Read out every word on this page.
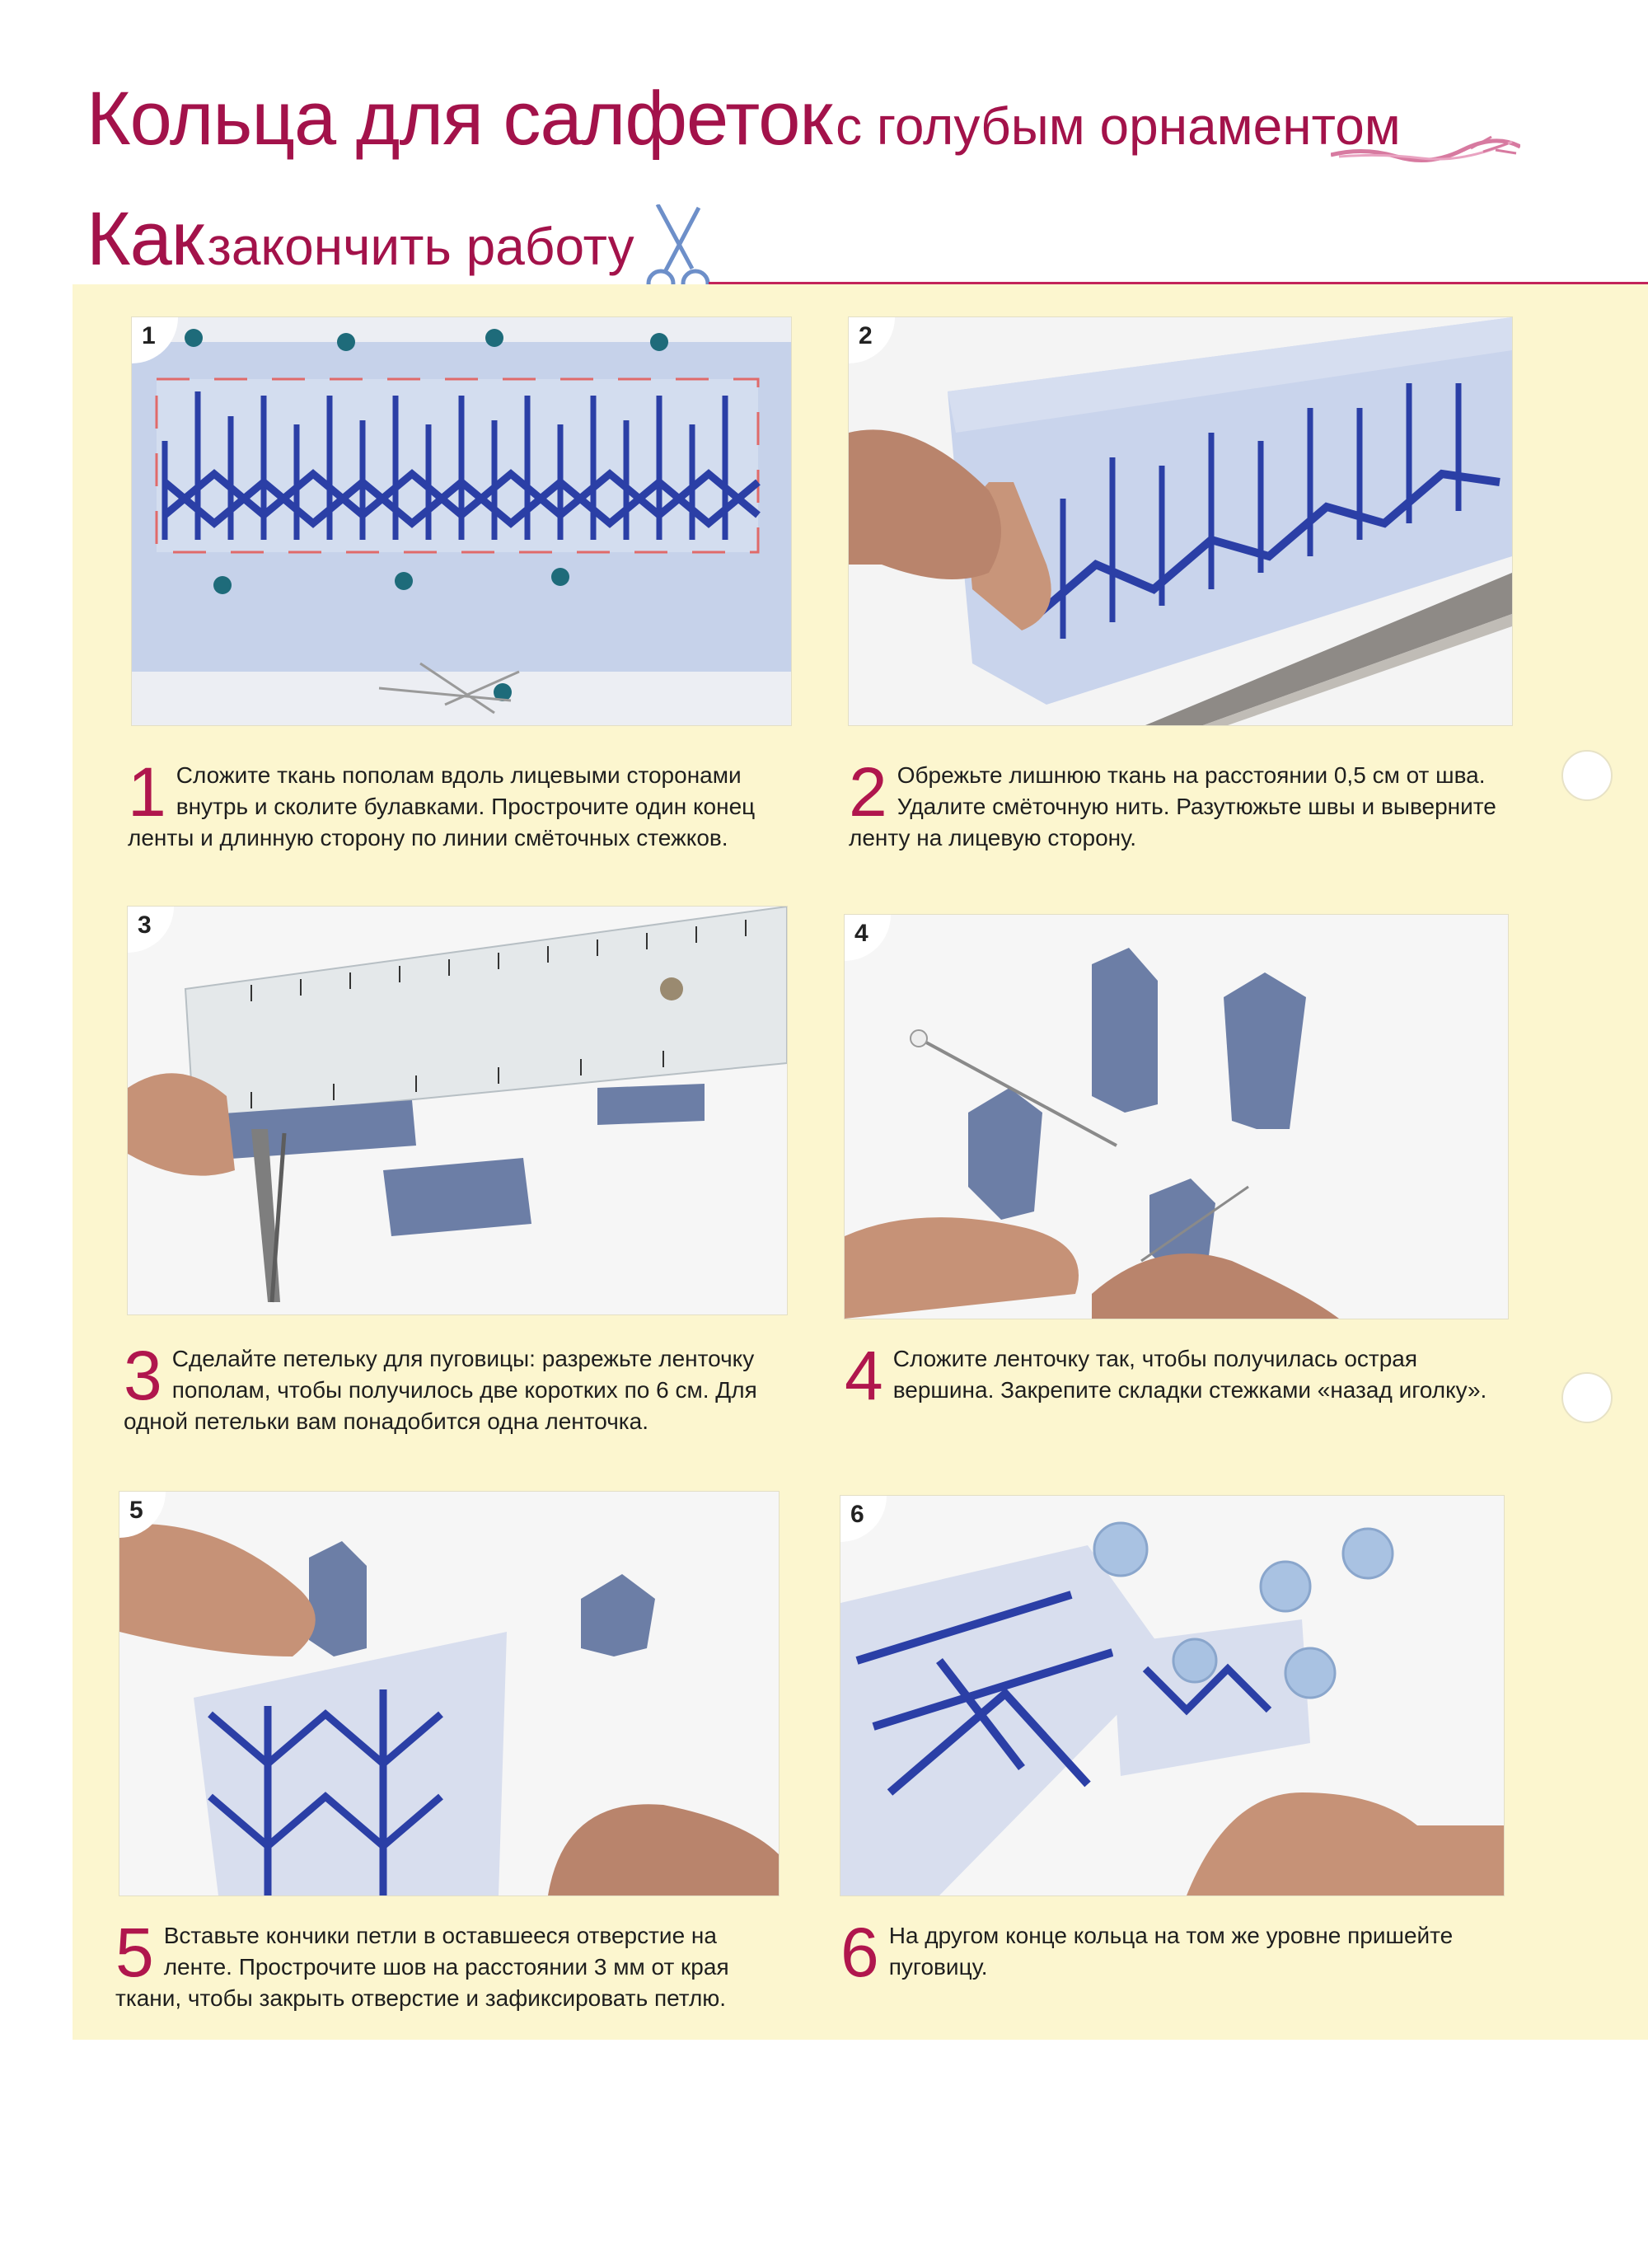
Кольца для салфеток с голубым орнаментом
Как закончить работу
1
1 Сложите ткань пополам вдоль лицевыми сторонами внутрь и сколите булавками. Прострочите один конец ленты и длинную сторону по линии смёточных стежков.
2
2 Обрежьте лишнюю ткань на расстоянии 0,5 см от шва. Удалите смёточную нить. Разутюжьте швы и выверните ленту на лицевую сторону.
3
3 Сделайте петельку для пуговицы: разрежьте ленточку пополам, чтобы получилось две коротких по 6 см. Для одной петельки вам понадобится одна ленточка.
4
4 Сложите ленточку так, чтобы получилась острая вершина. Закрепите складки стежками «назад иголку».
5
5 Вставьте кончики петли в оставшееся отверстие на ленте. Прострочите шов на расстоянии 3 мм от края ткани, чтобы закрыть отверстие и зафиксировать петлю.
6
6 На другом конце кольца на том же уровне пришейте пуговицу.
